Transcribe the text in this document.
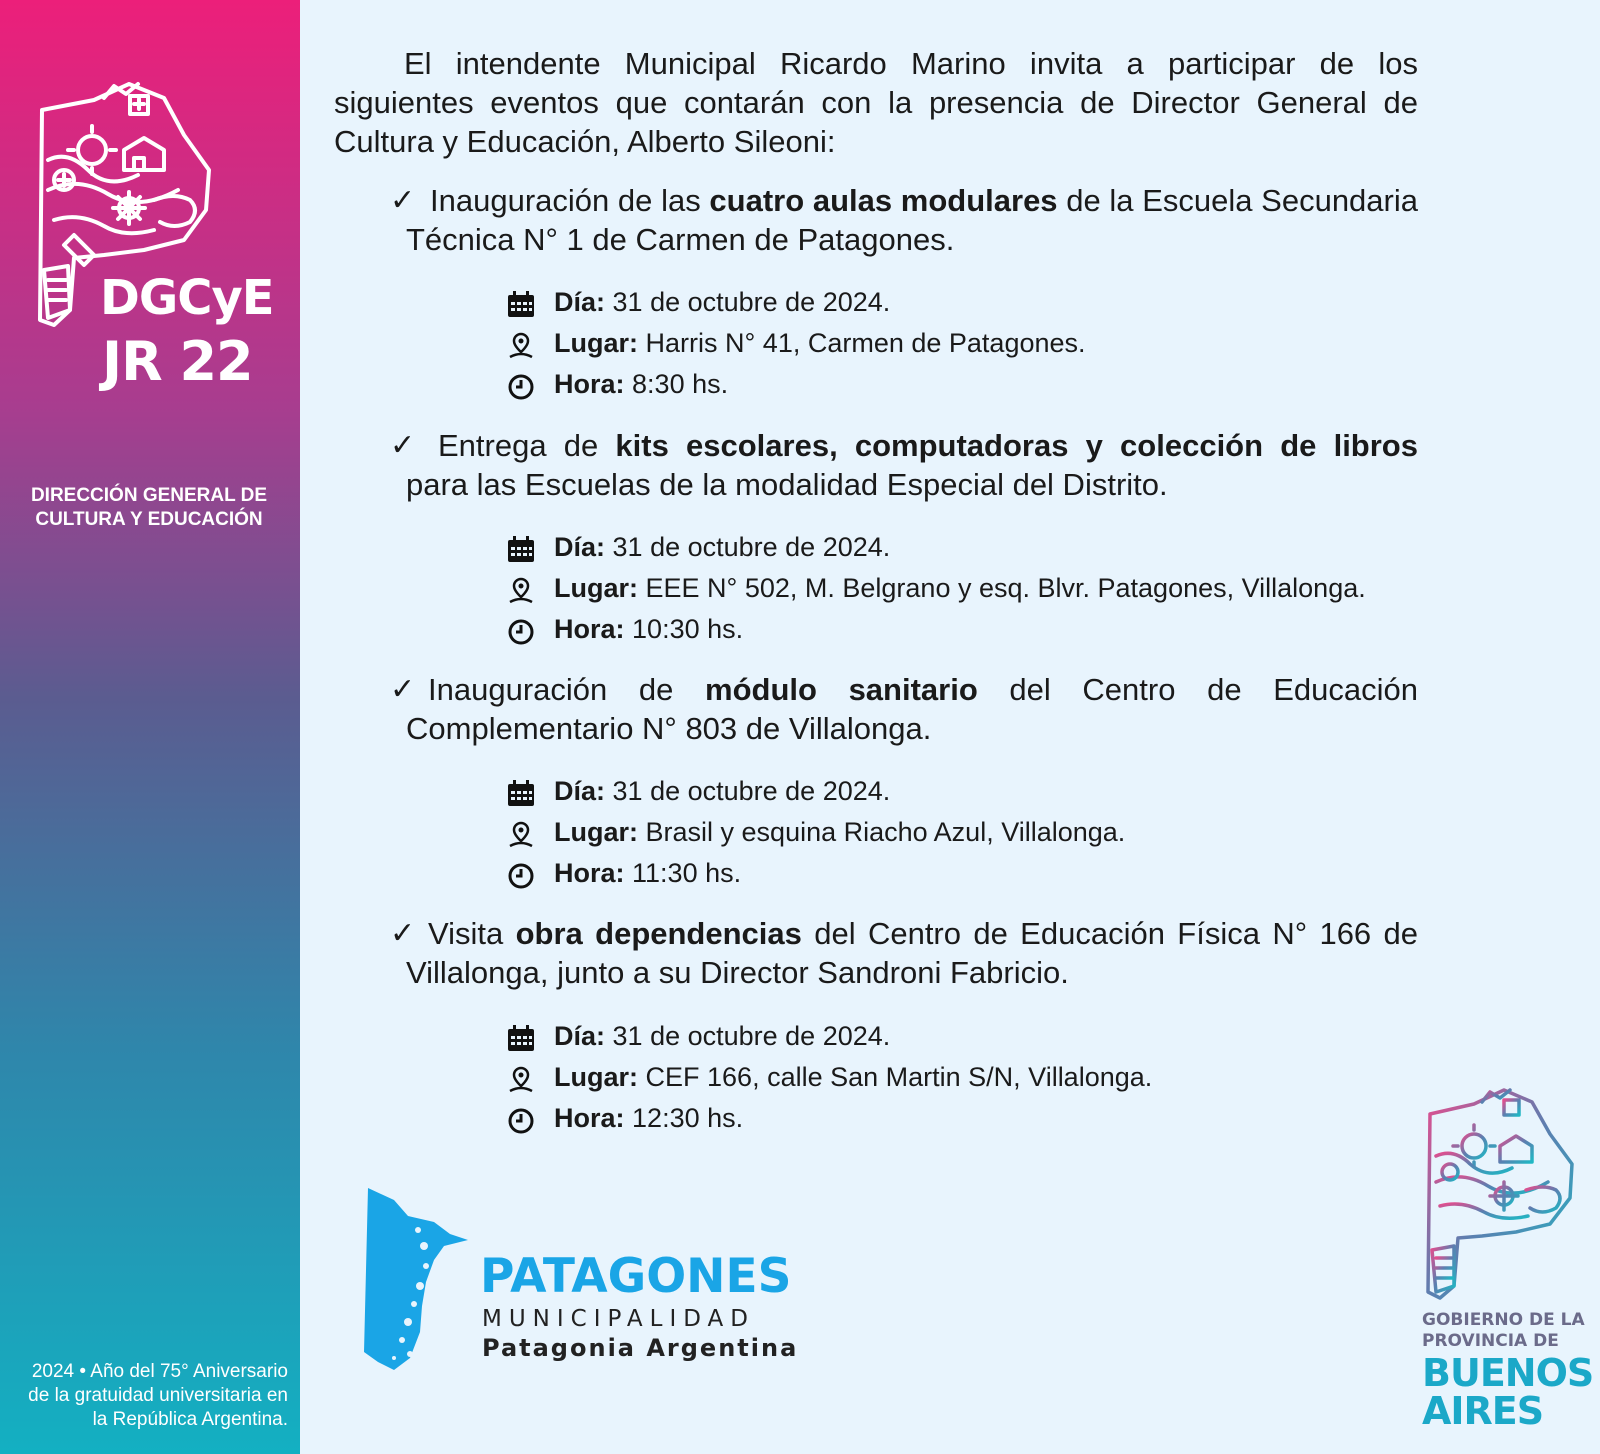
DGCyE
JR 22
DIRECCIÓN GENERAL DE
CULTURA Y EDUCACIÓN
2024 • Año del 75° Aniversario
de la gratuidad universitaria en
la República Argentina.

El intendente Municipal Ricardo Marino invita a participar de los siguientes eventos que contarán con la presencia de Director General de Cultura y Educación, Alberto Sileoni:

✓ Inauguración de las cuatro aulas modulares de la Escuela Secundaria Técnica N° 1 de Carmen de Patagones.

Día: 31 de octubre de 2024.
Lugar: Harris N° 41, Carmen de Patagones.
Hora: 8:30 hs.
✓ Entrega de kits escolares, computadoras y colección de libros para las Escuelas de la modalidad Especial del Distrito.

Día: 31 de octubre de 2024.
Lugar: EEE N° 502, M. Belgrano y esq. Blvr. Patagones, Villalonga.
Hora: 10:30 hs.
✓ Inauguración de módulo sanitario del Centro de Educación Complementario N° 803 de Villalonga.

Día: 31 de octubre de 2024.
Lugar: Brasil y esquina Riacho Azul, Villalonga.
Hora: 11:30 hs.
✓ Visita obra dependencias del Centro de Educación Física N° 166 de Villalonga, junto a su Director Sandroni Fabricio.

Día: 31 de octubre de 2024.
Lugar: CEF 166, calle San Martin S/N, Villalonga.
Hora: 12:30 hs.
PATAGONES
MUNICIPALIDAD
Patagonia Argentina
GOBIERNO DE LA
PROVINCIA DE
BUENOS
AIRES
